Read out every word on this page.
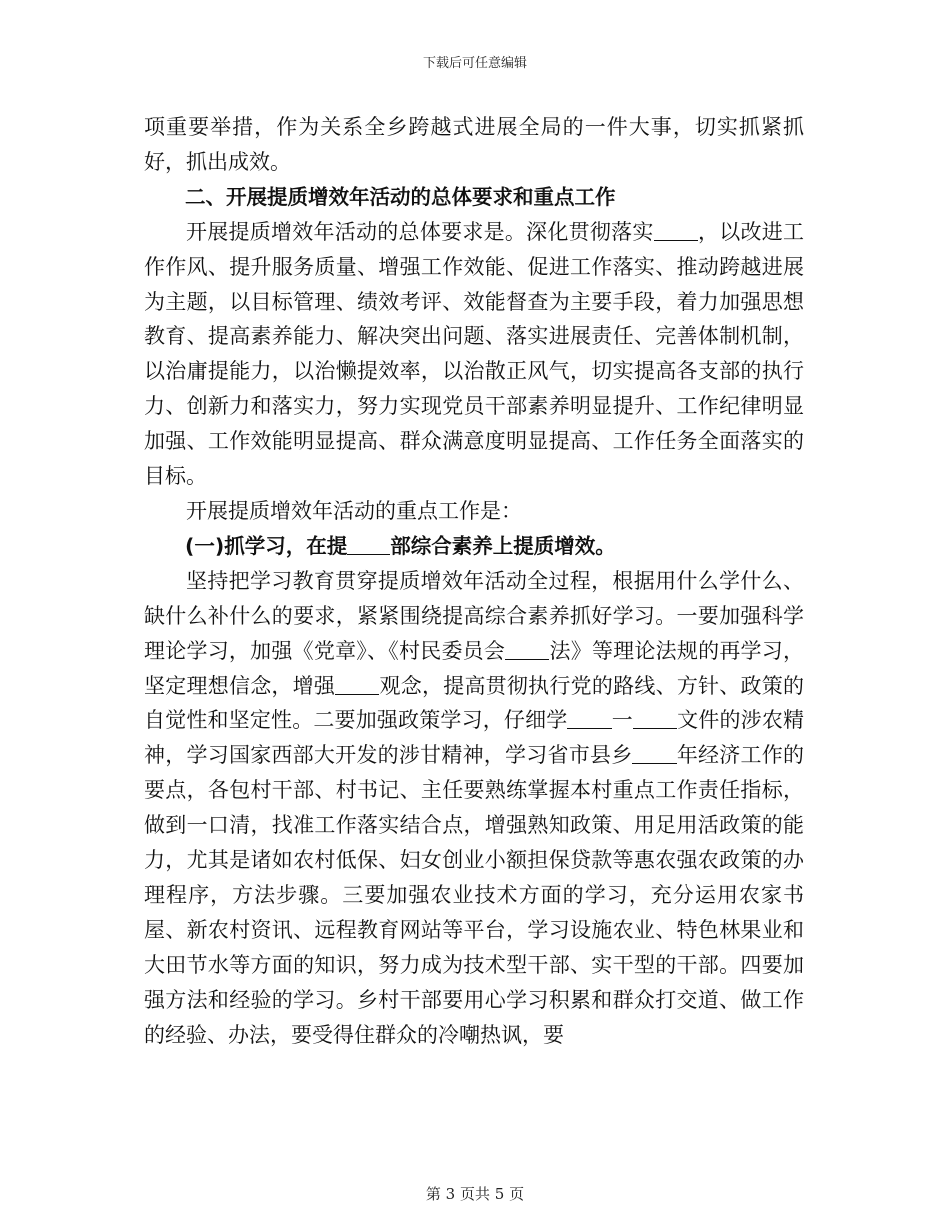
下载后可任意编辑

项重要举措，作为关系全乡跨越式进展全局的一件大事，切实抓紧抓好，抓出成效。

二、开展提质增效年活动的总体要求和重点工作

开展提质增效年活动的总体要求是。深化贯彻落实 ，以改进工作作风、提升服务质量、增强工作效能、促进工作落实、推动跨越进展为主题，以目标管理、绩效考评、效能督查为主要手段，着力加强思想教育、提高素养能力、解决突出问题、落实进展责任、完善体制机制，以治庸提能力，以治懒提效率，以治散正风气，切实提高各支部的执行力、创新力和落实力，努力实现党员干部素养明显提升、工作纪律明显加强、工作效能明显提高、群众满意度明显提高、工作任务全面落实的目标。

开展提质增效年活动的重点工作是：

(一)抓学习，在提 部综合素养上提质增效。

坚持把学习教育贯穿提质增效年活动全过程，根据用什么学什么、缺什么补什么的要求，紧紧围绕提高综合素养抓好学习。一要加强科学理论学习，加强《党章》、《村民委员会 法》等理论法规的再学习，坚定理想信念，增强 观念，提高贯彻执行党的路线、方针、政策的自觉性和坚定性。二要加强政策学习，仔细学 一 文件的涉农精神，学习国家西部大开发的涉甘精神，学习省市县乡 年经济工作的要点，各包村干部、村书记、主任要熟练掌握本村重点工作责任指标，做到一口清，找准工作落实结合点，增强熟知政策、用足用活政策的能力，尤其是诸如农村低保、妇女创业小额担保贷款等惠农强农政策的办理程序，方法步骤。三要加强农业技术方面的学习，充分运用农家书屋、新农村资讯、远程教育网站等平台，学习设施农业、特色林果业和大田节水等方面的知识，努力成为技术型干部、实干型的干部。四要加强方法和经验的学习。乡村干部要用心学习积累和群众打交道、做工作的经验、办法，要受得住群众的冷嘲热讽，要

第 3 页共 5 页
